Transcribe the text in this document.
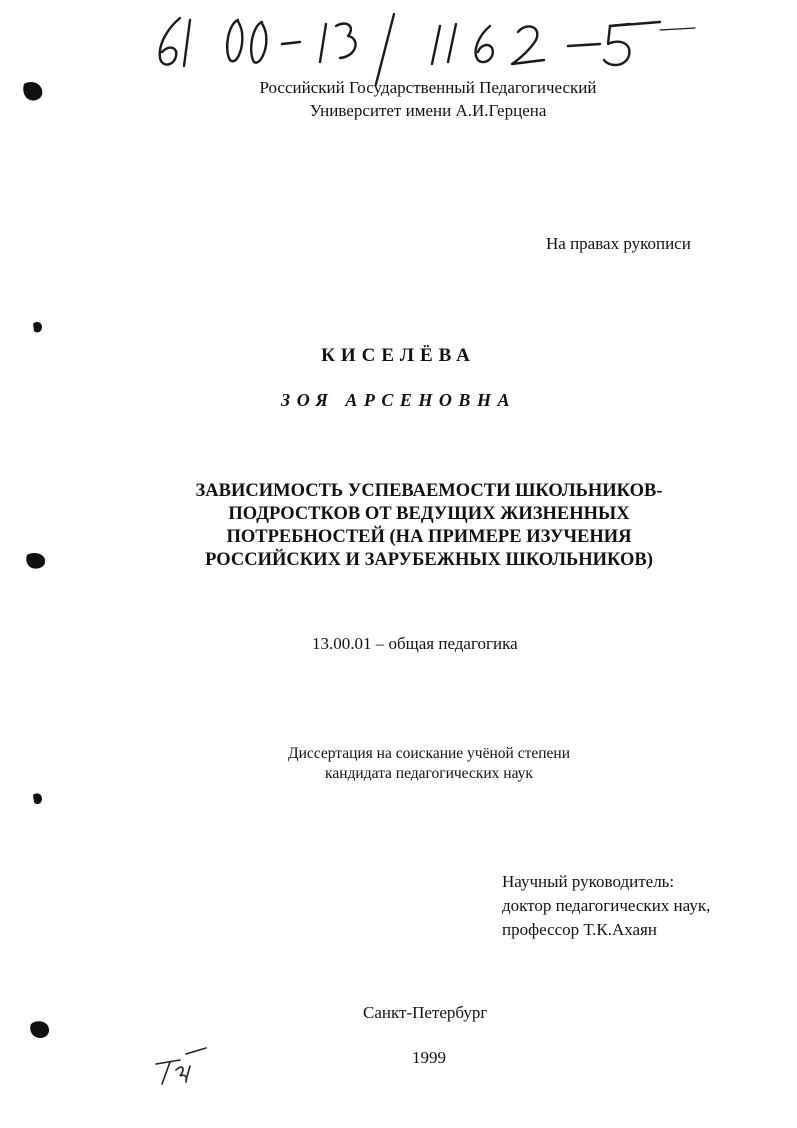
Российский Государственный Педагогический
Университет имени А.И.Герцена
На правах рукописи
КИСЕЛЁВА
ЗОЯ АРСЕНОВНА
ЗАВИСИМОСТЬ УСПЕВАЕМОСТИ ШКОЛЬНИКОВ-
ПОДРОСТКОВ ОТ ВЕДУЩИХ ЖИЗНЕННЫХ
ПОТРЕБНОСТЕЙ (НА ПРИМЕРЕ ИЗУЧЕНИЯ
РОССИЙСКИХ И ЗАРУБЕЖНЫХ ШКОЛЬНИКОВ)
13.00.01 – общая педагогика
Диссертация на соискание учёной степени
кандидата педагогических наук
Научный руководитель:
доктор педагогических наук,
профессор Т.К.Ахаян
Санкт-Петербург
1999
